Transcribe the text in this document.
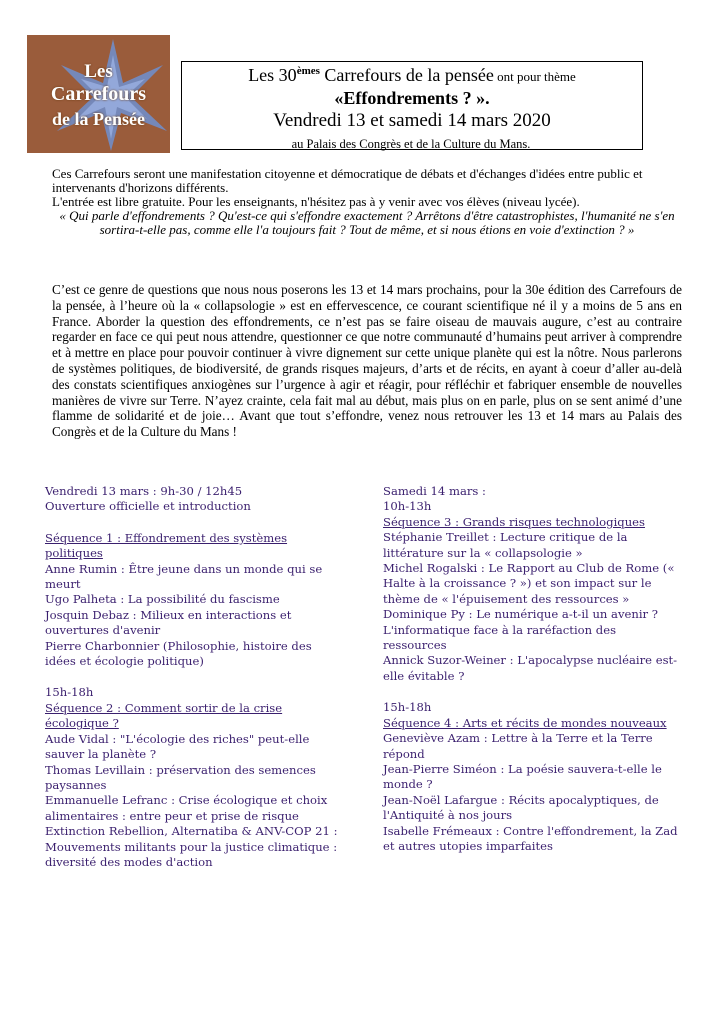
Les
Carrefours
de la Pensée
Les 30èmes Carrefours de la pensée ont pour thème
«Effondrements ? ».
Vendredi 13 et samedi 14 mars 2020
au Palais des Congrès et de la Culture du Mans.

Ces Carrefours seront une manifestation citoyenne et démocratique de débats et d'échanges d'idées entre public et intervenants d'horizons différents.

L'entrée est libre gratuite. Pour les enseignants, n'hésitez pas à y venir avec vos élèves (niveau lycée).

« Qui parle d'effondrements ? Qu'est-ce qui s'effondre exactement ? Arrêtons d'être catastrophistes, l'humanité ne s'en sortira-t-elle pas, comme elle l'a toujours fait ? Tout de même, et si nous étions en voie d'extinction ? »

C’est ce genre de questions que nous nous poserons les 13 et 14 mars prochains, pour la 30e édition des Carrefours de la pensée, à l’heure où la « collapsologie » est en effervescence, ce courant scientifique né il y a moins de 5 ans en France. Aborder la question des effondrements, ce n’est pas se faire oiseau de mauvais augure, c’est au contraire regarder en face ce qui peut nous attendre, questionner ce que notre communauté d’humains peut arriver à comprendre et à mettre en place pour pouvoir continuer à vivre dignement sur cette unique planète qui est la nôtre. Nous parlerons de systèmes politiques, de biodiversité, de grands risques majeurs, d’arts et de récits, en ayant à coeur d’aller au-delà des constats scientifiques anxiogènes sur l’urgence à agir et réagir, pour réfléchir et fabriquer ensemble de nouvelles manières de vivre sur Terre. N’ayez crainte, cela fait mal au début, mais plus on en parle, plus on se sent animé d’une flamme de solidarité et de joie… Avant que tout s’effondre, venez nous retrouver les 13 et 14 mars au Palais des Congrès et de la Culture du Mans !

Vendredi 13 mars : 9h-30 / 12h45

Ouverture officielle et introduction

Séquence 1 : Effondrement des systèmes politiques

Anne Rumin : Être jeune dans un monde qui se meurt

Ugo Palheta : La possibilité du fascisme

Josquin Debaz : Milieux en interactions et ouvertures d'avenir

Pierre Charbonnier (Philosophie, histoire des idées et écologie politique)

15h-18h

Séquence 2 : Comment sortir de la crise écologique ?

Aude Vidal : "L'écologie des riches" peut-elle sauver la planète ?

Thomas Levillain : préservation des semences paysannes

Emmanuelle Lefranc : Crise écologique et choix alimentaires : entre peur et prise de risque

Extinction Rebellion, Alternatiba & ANV-COP 21 : Mouvements militants pour la justice climatique : diversité des modes d'action

Samedi 14 mars :

10h-13h

Séquence 3 : Grands risques technologiques

Stéphanie Treillet : Lecture critique de la littérature sur la « collapsologie »

Michel Rogalski : Le Rapport au Club de Rome (« Halte à la croissance ? ») et son impact sur le thème de « l'épuisement des ressources »

Dominique Py : Le numérique a-t-il un avenir ? L'informatique face à la raréfaction des ressources

Annick Suzor-Weiner : L'apocalypse nucléaire est-elle évitable ?

15h-18h

Séquence 4 : Arts et récits de mondes nouveaux

Geneviève Azam : Lettre à la Terre et la Terre répond

Jean-Pierre Siméon : La poésie sauvera-t-elle le monde ?

Jean-Noël Lafargue : Récits apocalyptiques, de l'Antiquité à nos jours

Isabelle Frémeaux : Contre l'effondrement, la Zad et autres utopies imparfaites
